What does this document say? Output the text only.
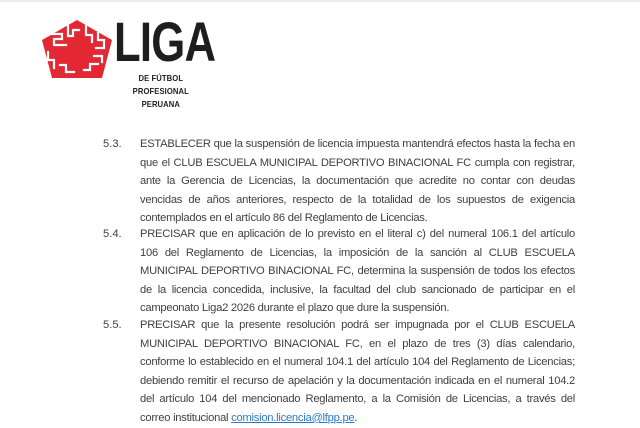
LIGA
DE FÚTBOL PROFESIONAL
PERUANA
5.3.	ESTABLECER que la suspensión de licencia impuesta mantendrá efectos hasta la fecha en que el CLUB ESCUELA MUNICIPAL DEPORTIVO BINACIONAL FC cumpla con registrar, ante la Gerencia de Licencias, la documentación que acredite no contar con deudas vencidas de años anteriores, respecto de la totalidad de los supuestos de exigencia contemplados en el artículo 86 del Reglamento de Licencias.
5.4.	PRECISAR que en aplicación de lo previsto en el literal c) del numeral 106.1 del artículo 106 del Reglamento de Licencias, la imposición de la sanción al CLUB ESCUELA MUNICIPAL DEPORTIVO BINACIONAL FC, determina la suspensión de todos los efectos de la licencia concedida, inclusive, la facultad del club sancionado de participar en el campeonato Liga2 2026 durante el plazo que dure la suspensión.
5.5.	PRECISAR que la presente resolución podrá ser impugnada por el CLUB ESCUELA MUNICIPAL DEPORTIVO BINACIONAL FC, en el plazo de tres (3) días calendario, conforme lo establecido en el numeral 104.1 del artículo 104 del Reglamento de Licencias; debiendo remitir el recurso de apelación y la documentación indicada en el numeral 104.2 del artículo 104 del mencionado Reglamento, a la Comisión de Licencias, a través del correo institucional comision.licencia@lfpp.pe.
